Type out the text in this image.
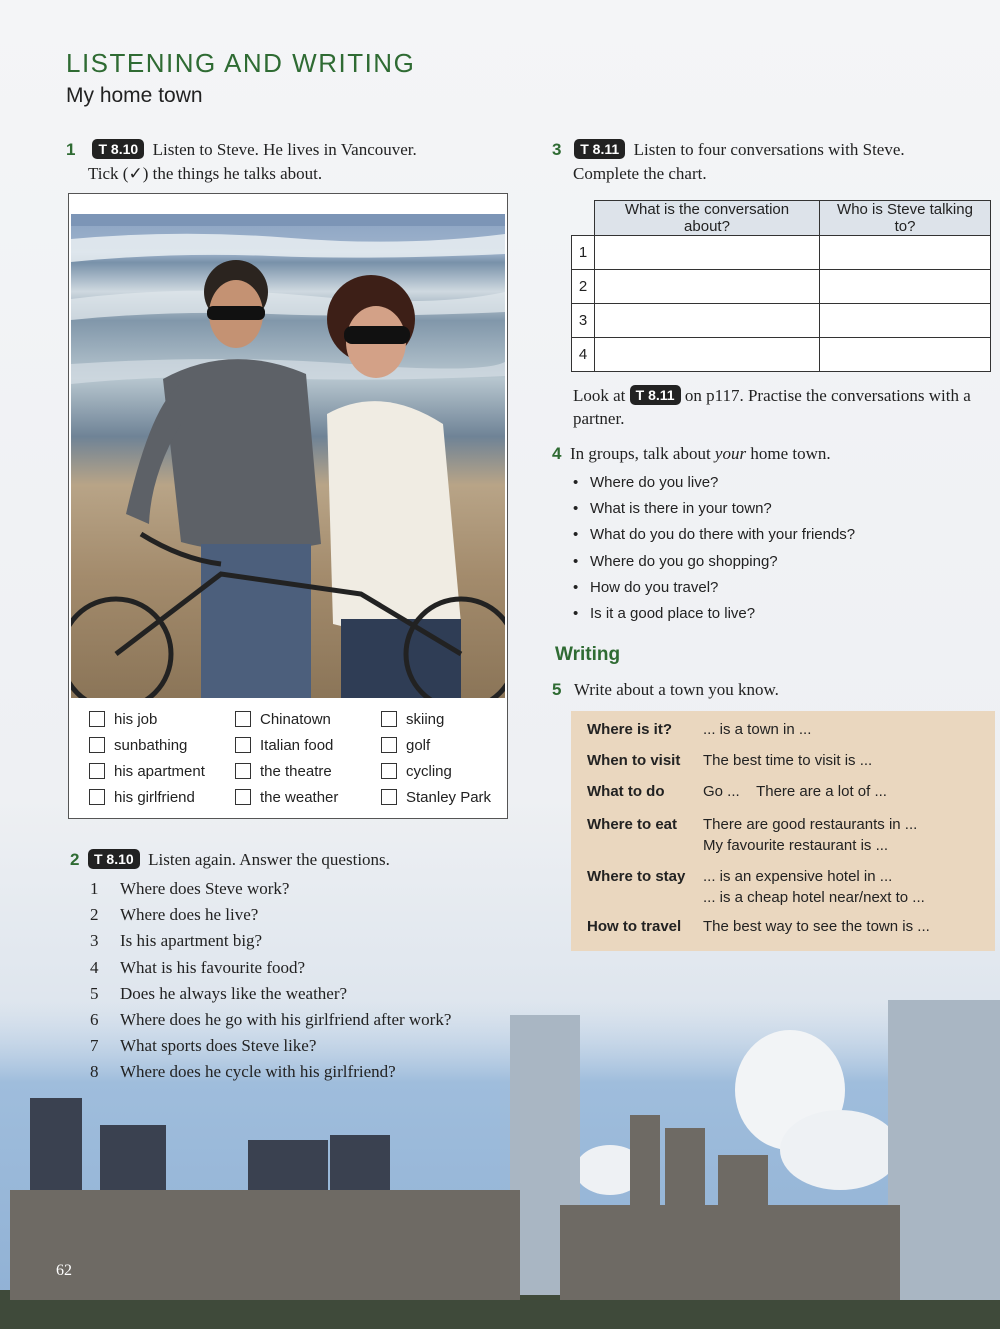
LISTENING AND WRITING
My home town
1 T 8.10 Listen to Steve. He lives in Vancouver.
Tick (✓) the things he talks about.
his job	Chinatown	skiing
sunbathing	Italian food	golf
his apartment	the theatre	cycling
his girlfriend	the weather	Stanley Park
2 T 8.10 Listen again. Answer the questions.
1	Where does Steve work?
2	Where does he live?
3	Is his apartment big?
4	What is his favourite food?
5	Does he always like the weather?
6	Where does he go with his girlfriend after work?
7	What sports does Steve like?
8	Where does he cycle with his girlfriend?
3 T 8.11 Listen to four conversations with Steve.
Complete the chart.
	What is the conversation about?	Who is Steve talking to?
1		
2		
3		
4		
Look at T 8.11 on p117. Practise the conversations with a partner.
4 In groups, talk about your home town.
• Where do you live?
• What is there in your town?
• What do you do there with your friends?
• Where do you go shopping?
• How do you travel?
• Is it a good place to live?
Writing
5 Write about a town you know.
Where is it?	... is a town in ...
When to visit	The best time to visit is ...
What to do	Go ...    There are a lot of ...
Where to eat	There are good restaurants in ...
My favourite restaurant is ...
Where to stay	... is an expensive hotel in ...
... is a cheap hotel near/next to ...
How to travel	The best way to see the town is ...
62
